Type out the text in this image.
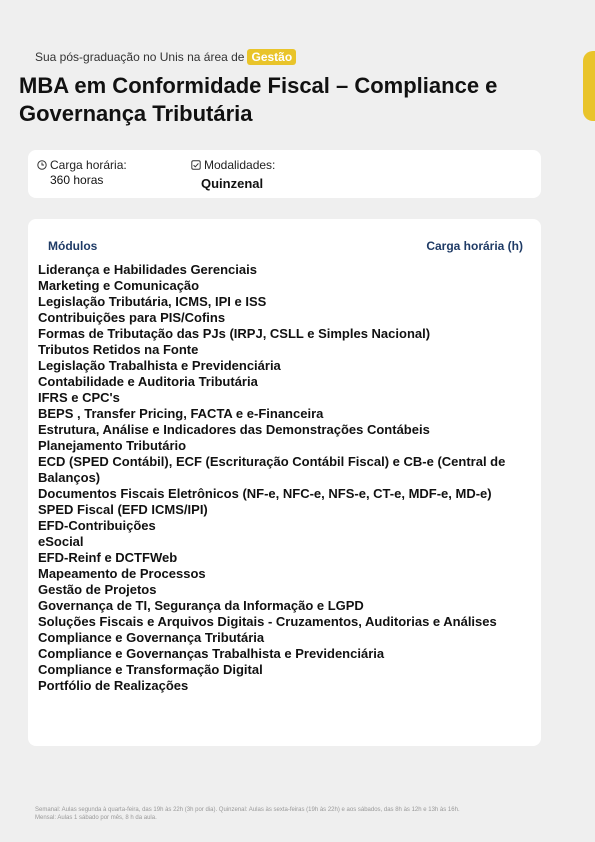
Sua pós-graduação no Unis na área de Gestão
MBA em Conformidade Fiscal – Compliance e Governança Tributária
Carga horária:
360 horas
Modalidades:
Quinzenal
Módulos	Carga horária (h)
Liderança e Habilidades Gerenciais
Marketing e Comunicação
Legislação Tributária, ICMS, IPI e ISS
Contribuições para PIS/Cofins
Formas de Tributação das PJs (IRPJ, CSLL e Simples Nacional)
Tributos Retidos na Fonte
Legislação Trabalhista e Previdenciária
Contabilidade e Auditoria Tributária
IFRS e CPC's
BEPS , Transfer Pricing, FACTA e e-Financeira
Estrutura, Análise e Indicadores das Demonstrações Contábeis
Planejamento Tributário
ECD (SPED Contábil), ECF (Escrituração Contábil Fiscal) e CB-e (Central de Balanços)
Documentos Fiscais Eletrônicos (NF-e, NFC-e, NFS-e, CT-e, MDF-e, MD-e)
SPED Fiscal (EFD ICMS/IPI)
EFD-Contribuições
eSocial
EFD-Reinf e DCTFWeb
Mapeamento de Processos
Gestão de Projetos
Governança de TI, Segurança da Informação e LGPD
Soluções Fiscais e Arquivos Digitais - Cruzamentos, Auditorias e Análises
Compliance e Governança Tributária
Compliance e Governanças Trabalhista e Previdenciária
Compliance e Transformação Digital
Portfólio de Realizações
Semanal: Aulas segunda à quarta-feira, das 19h às 22h (3h por dia). Quinzenal: Aulas às sexta-feiras (19h às 22h) e aos sábados, das 8h às 12h e 13h às 16h.
Mensal: Aulas 1 sábado por mês, 8 h da aula.
